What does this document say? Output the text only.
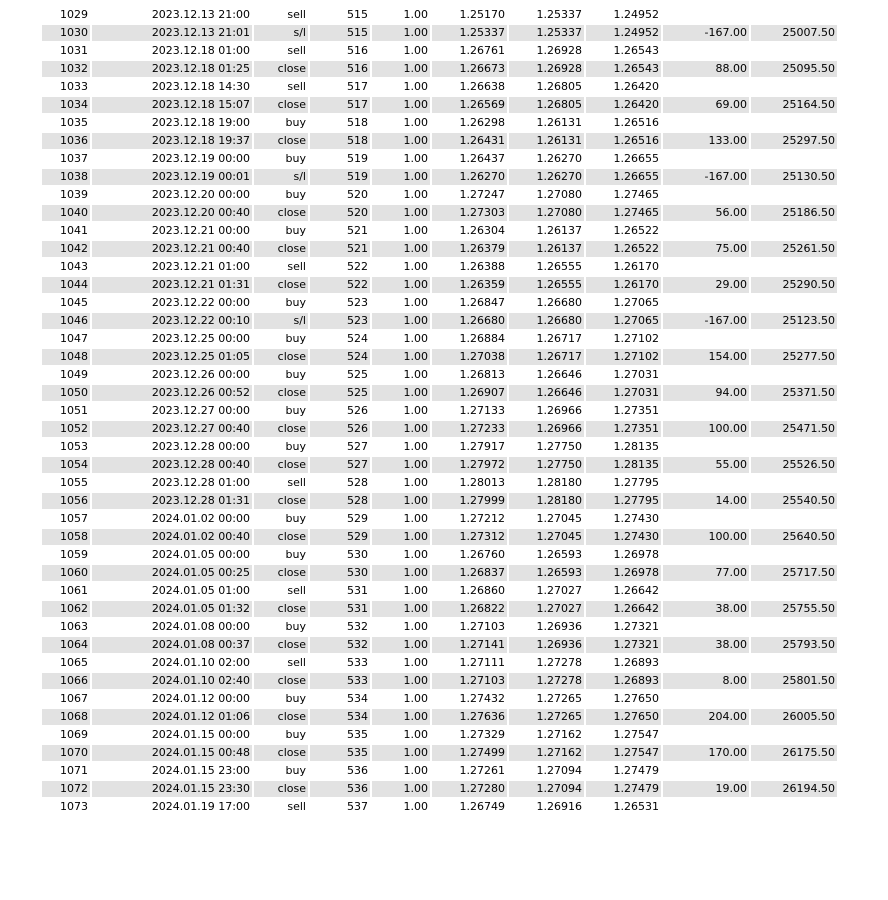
1029	2023.12.13 21:00	sell	515	1.00	1.25170	1.25337	1.24952		
1030	2023.12.13 21:01	s/l	515	1.00	1.25337	1.25337	1.24952	-167.00	25007.50
1031	2023.12.18 01:00	sell	516	1.00	1.26761	1.26928	1.26543		
1032	2023.12.18 01:25	close	516	1.00	1.26673	1.26928	1.26543	88.00	25095.50
1033	2023.12.18 14:30	sell	517	1.00	1.26638	1.26805	1.26420		
1034	2023.12.18 15:07	close	517	1.00	1.26569	1.26805	1.26420	69.00	25164.50
1035	2023.12.18 19:00	buy	518	1.00	1.26298	1.26131	1.26516		
1036	2023.12.18 19:37	close	518	1.00	1.26431	1.26131	1.26516	133.00	25297.50
1037	2023.12.19 00:00	buy	519	1.00	1.26437	1.26270	1.26655		
1038	2023.12.19 00:01	s/l	519	1.00	1.26270	1.26270	1.26655	-167.00	25130.50
1039	2023.12.20 00:00	buy	520	1.00	1.27247	1.27080	1.27465		
1040	2023.12.20 00:40	close	520	1.00	1.27303	1.27080	1.27465	56.00	25186.50
1041	2023.12.21 00:00	buy	521	1.00	1.26304	1.26137	1.26522		
1042	2023.12.21 00:40	close	521	1.00	1.26379	1.26137	1.26522	75.00	25261.50
1043	2023.12.21 01:00	sell	522	1.00	1.26388	1.26555	1.26170		
1044	2023.12.21 01:31	close	522	1.00	1.26359	1.26555	1.26170	29.00	25290.50
1045	2023.12.22 00:00	buy	523	1.00	1.26847	1.26680	1.27065		
1046	2023.12.22 00:10	s/l	523	1.00	1.26680	1.26680	1.27065	-167.00	25123.50
1047	2023.12.25 00:00	buy	524	1.00	1.26884	1.26717	1.27102		
1048	2023.12.25 01:05	close	524	1.00	1.27038	1.26717	1.27102	154.00	25277.50
1049	2023.12.26 00:00	buy	525	1.00	1.26813	1.26646	1.27031		
1050	2023.12.26 00:52	close	525	1.00	1.26907	1.26646	1.27031	94.00	25371.50
1051	2023.12.27 00:00	buy	526	1.00	1.27133	1.26966	1.27351		
1052	2023.12.27 00:40	close	526	1.00	1.27233	1.26966	1.27351	100.00	25471.50
1053	2023.12.28 00:00	buy	527	1.00	1.27917	1.27750	1.28135		
1054	2023.12.28 00:40	close	527	1.00	1.27972	1.27750	1.28135	55.00	25526.50
1055	2023.12.28 01:00	sell	528	1.00	1.28013	1.28180	1.27795		
1056	2023.12.28 01:31	close	528	1.00	1.27999	1.28180	1.27795	14.00	25540.50
1057	2024.01.02 00:00	buy	529	1.00	1.27212	1.27045	1.27430		
1058	2024.01.02 00:40	close	529	1.00	1.27312	1.27045	1.27430	100.00	25640.50
1059	2024.01.05 00:00	buy	530	1.00	1.26760	1.26593	1.26978		
1060	2024.01.05 00:25	close	530	1.00	1.26837	1.26593	1.26978	77.00	25717.50
1061	2024.01.05 01:00	sell	531	1.00	1.26860	1.27027	1.26642		
1062	2024.01.05 01:32	close	531	1.00	1.26822	1.27027	1.26642	38.00	25755.50
1063	2024.01.08 00:00	buy	532	1.00	1.27103	1.26936	1.27321		
1064	2024.01.08 00:37	close	532	1.00	1.27141	1.26936	1.27321	38.00	25793.50
1065	2024.01.10 02:00	sell	533	1.00	1.27111	1.27278	1.26893		
1066	2024.01.10 02:40	close	533	1.00	1.27103	1.27278	1.26893	8.00	25801.50
1067	2024.01.12 00:00	buy	534	1.00	1.27432	1.27265	1.27650		
1068	2024.01.12 01:06	close	534	1.00	1.27636	1.27265	1.27650	204.00	26005.50
1069	2024.01.15 00:00	buy	535	1.00	1.27329	1.27162	1.27547		
1070	2024.01.15 00:48	close	535	1.00	1.27499	1.27162	1.27547	170.00	26175.50
1071	2024.01.15 23:00	buy	536	1.00	1.27261	1.27094	1.27479		
1072	2024.01.15 23:30	close	536	1.00	1.27280	1.27094	1.27479	19.00	26194.50
1073	2024.01.19 17:00	sell	537	1.00	1.26749	1.26916	1.26531		
